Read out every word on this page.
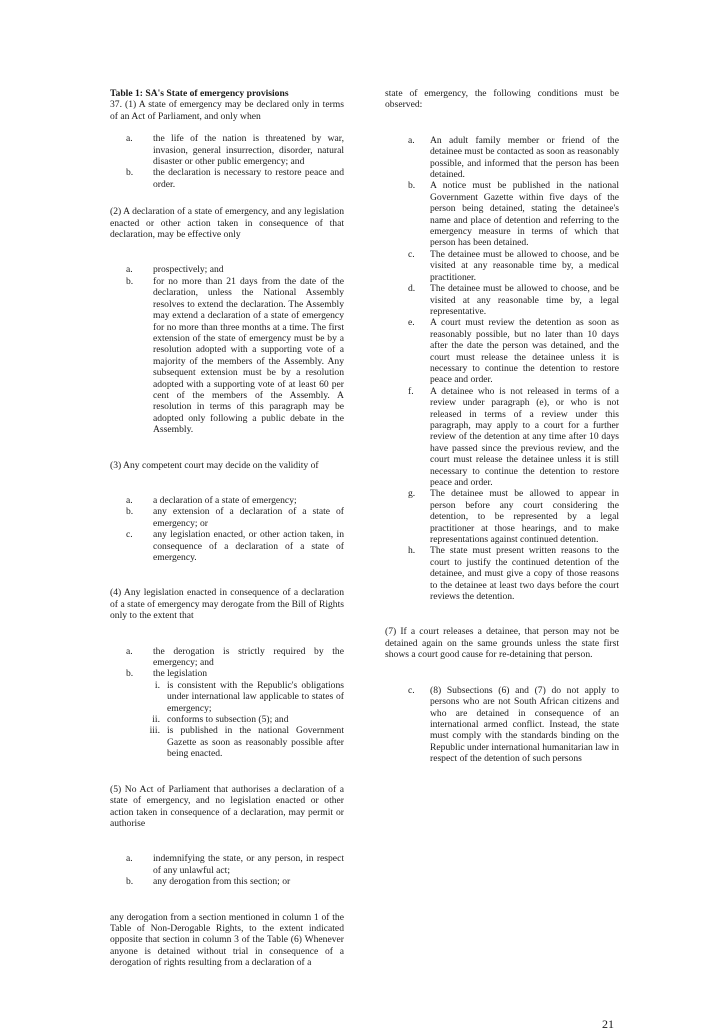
Table 1: SA's State of emergency provisions

37. (1) A state of emergency may be declared only in terms of an Act of Parliament, and only when

a. the life of the nation is threatened by war, invasion, general insurrection, disorder, natural disaster or other public emergency; and
b. the declaration is necessary to restore peace and order.

(2) A declaration of a state of emergency, and any legislation enacted or other action taken in consequence of that declaration, may be effective only

a. prospectively; and
b. for no more than 21 days from the date of the declaration, unless the National Assembly resolves to extend the declaration. The Assembly may extend a declaration of a state of emergency for no more than three months at a time. The first extension of the state of emergency must be by a resolution adopted with a supporting vote of a majority of the members of the Assembly. Any subsequent extension must be by a resolution adopted with a supporting vote of at least 60 per cent of the members of the Assembly. A resolution in terms of this paragraph may be adopted only following a public debate in the Assembly.

(3) Any competent court may decide on the validity of

a. a declaration of a state of emergency;
b. any extension of a declaration of a state of emergency; or
c. any legislation enacted, or other action taken, in consequence of a declaration of a state of emergency.

(4) Any legislation enacted in consequence of a declaration of a state of emergency may derogate from the Bill of Rights only to the extent that

a. the derogation is strictly required by the emergency; and
b. the legislation
i. is consistent with the Republic's obligations under international law applicable to states of emergency;
ii. conforms to subsection (5); and
iii. is published in the national Government Gazette as soon as reasonably possible after being enacted.

(5) No Act of Parliament that authorises a declaration of a state of emergency, and no legislation enacted or other action taken in consequence of a declaration, may permit or authorise

a. indemnifying the state, or any person, in respect of any unlawful act;
b. any derogation from this section; or

any derogation from a section mentioned in column 1 of the Table of Non-Derogable Rights, to the extent indicated opposite that section in column 3 of the Table (6) Whenever anyone is detained without trial in consequence of a derogation of rights resulting from a declaration of a

state of emergency, the following conditions must be observed:

a. An adult family member or friend of the detainee must be contacted as soon as reasonably possible, and informed that the person has been detained.
b. A notice must be published in the national Government Gazette within five days of the person being detained, stating the detainee's name and place of detention and referring to the emergency measure in terms of which that person has been detained.
c. The detainee must be allowed to choose, and be visited at any reasonable time by, a medical practitioner.
d. The detainee must be allowed to choose, and be visited at any reasonable time by, a legal representative.
e. A court must review the detention as soon as reasonably possible, but no later than 10 days after the date the person was detained, and the court must release the detainee unless it is necessary to continue the detention to restore peace and order.
f. A detainee who is not released in terms of a review under paragraph (e), or who is not released in terms of a review under this paragraph, may apply to a court for a further review of the detention at any time after 10 days have passed since the previous review, and the court must release the detainee unless it is still necessary to continue the detention to restore peace and order.
g. The detainee must be allowed to appear in person before any court considering the detention, to be represented by a legal practitioner at those hearings, and to make representations against continued detention.
h. The state must present written reasons to the court to justify the continued detention of the detainee, and must give a copy of those reasons to the detainee at least two days before the court reviews the detention.

(7) If a court releases a detainee, that person may not be detained again on the same grounds unless the state first shows a court good cause for re-detaining that person.

c. (8) Subsections (6) and (7) do not apply to persons who are not South African citizens and who are detained in consequence of an international armed conflict. Instead, the state must comply with the standards binding on the Republic under international humanitarian law in respect of the detention of such persons
21
